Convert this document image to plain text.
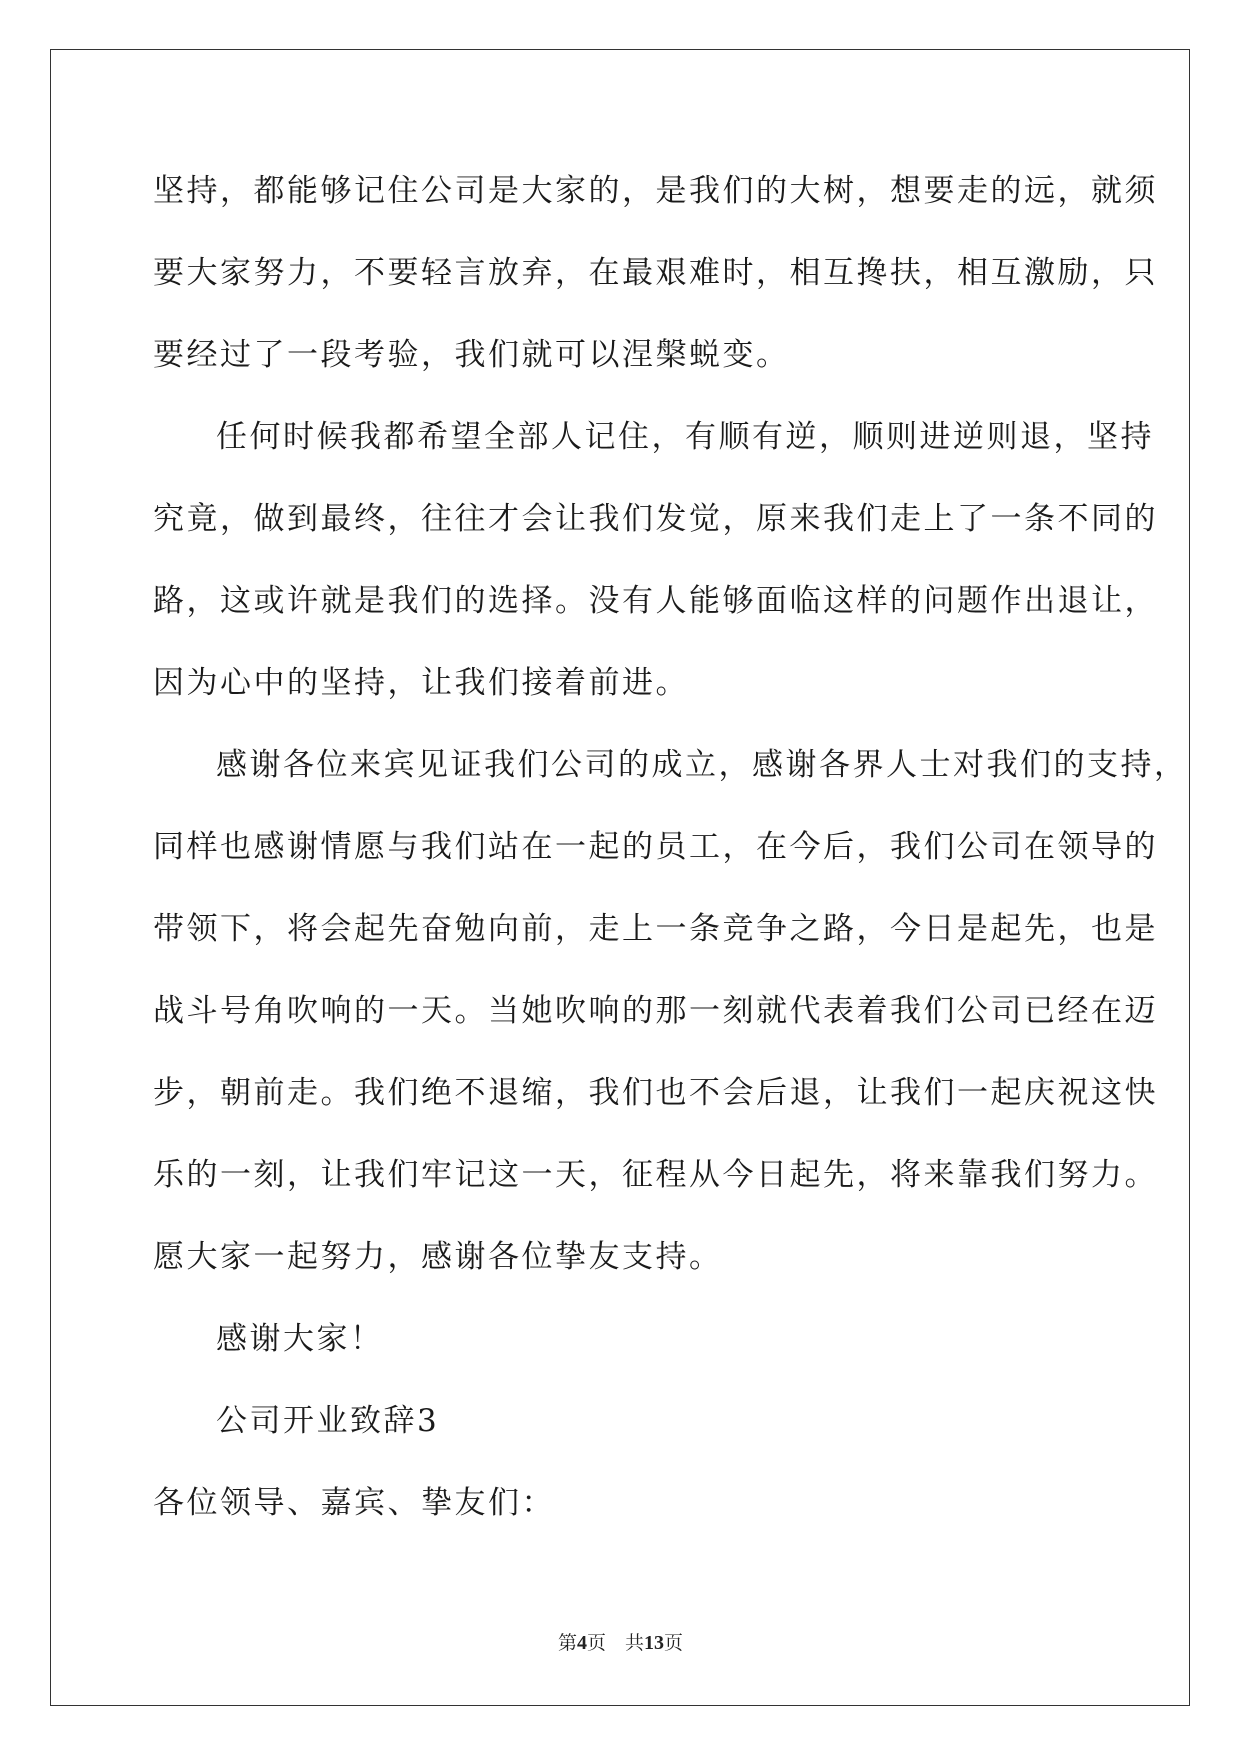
坚持，都能够记住公司是大家的，是我们的大树，想要走的远，就须
要大家努力，不要轻言放弃，在最艰难时，相互搀扶，相互激励，只
要经过了一段考验，我们就可以涅槃蜕变。
任何时候我都希望全部人记住，有顺有逆，顺则进逆则退，坚持
究竟，做到最终，往往才会让我们发觉，原来我们走上了一条不同的
路，这或许就是我们的选择。没有人能够面临这样的问题作出退让，
因为心中的坚持，让我们接着前进。
感谢各位来宾见证我们公司的成立，感谢各界人士对我们的支持，
同样也感谢情愿与我们站在一起的员工，在今后，我们公司在领导的
带领下，将会起先奋勉向前，走上一条竞争之路，今日是起先，也是
战斗号角吹响的一天。当她吹响的那一刻就代表着我们公司已经在迈
步，朝前走。我们绝不退缩，我们也不会后退，让我们一起庆祝这快
乐的一刻，让我们牢记这一天，征程从今日起先，将来靠我们努力。
愿大家一起努力，感谢各位挚友支持。
感谢大家！
公司开业致辞3
各位领导、嘉宾、挚友们：
第4页　共13页
